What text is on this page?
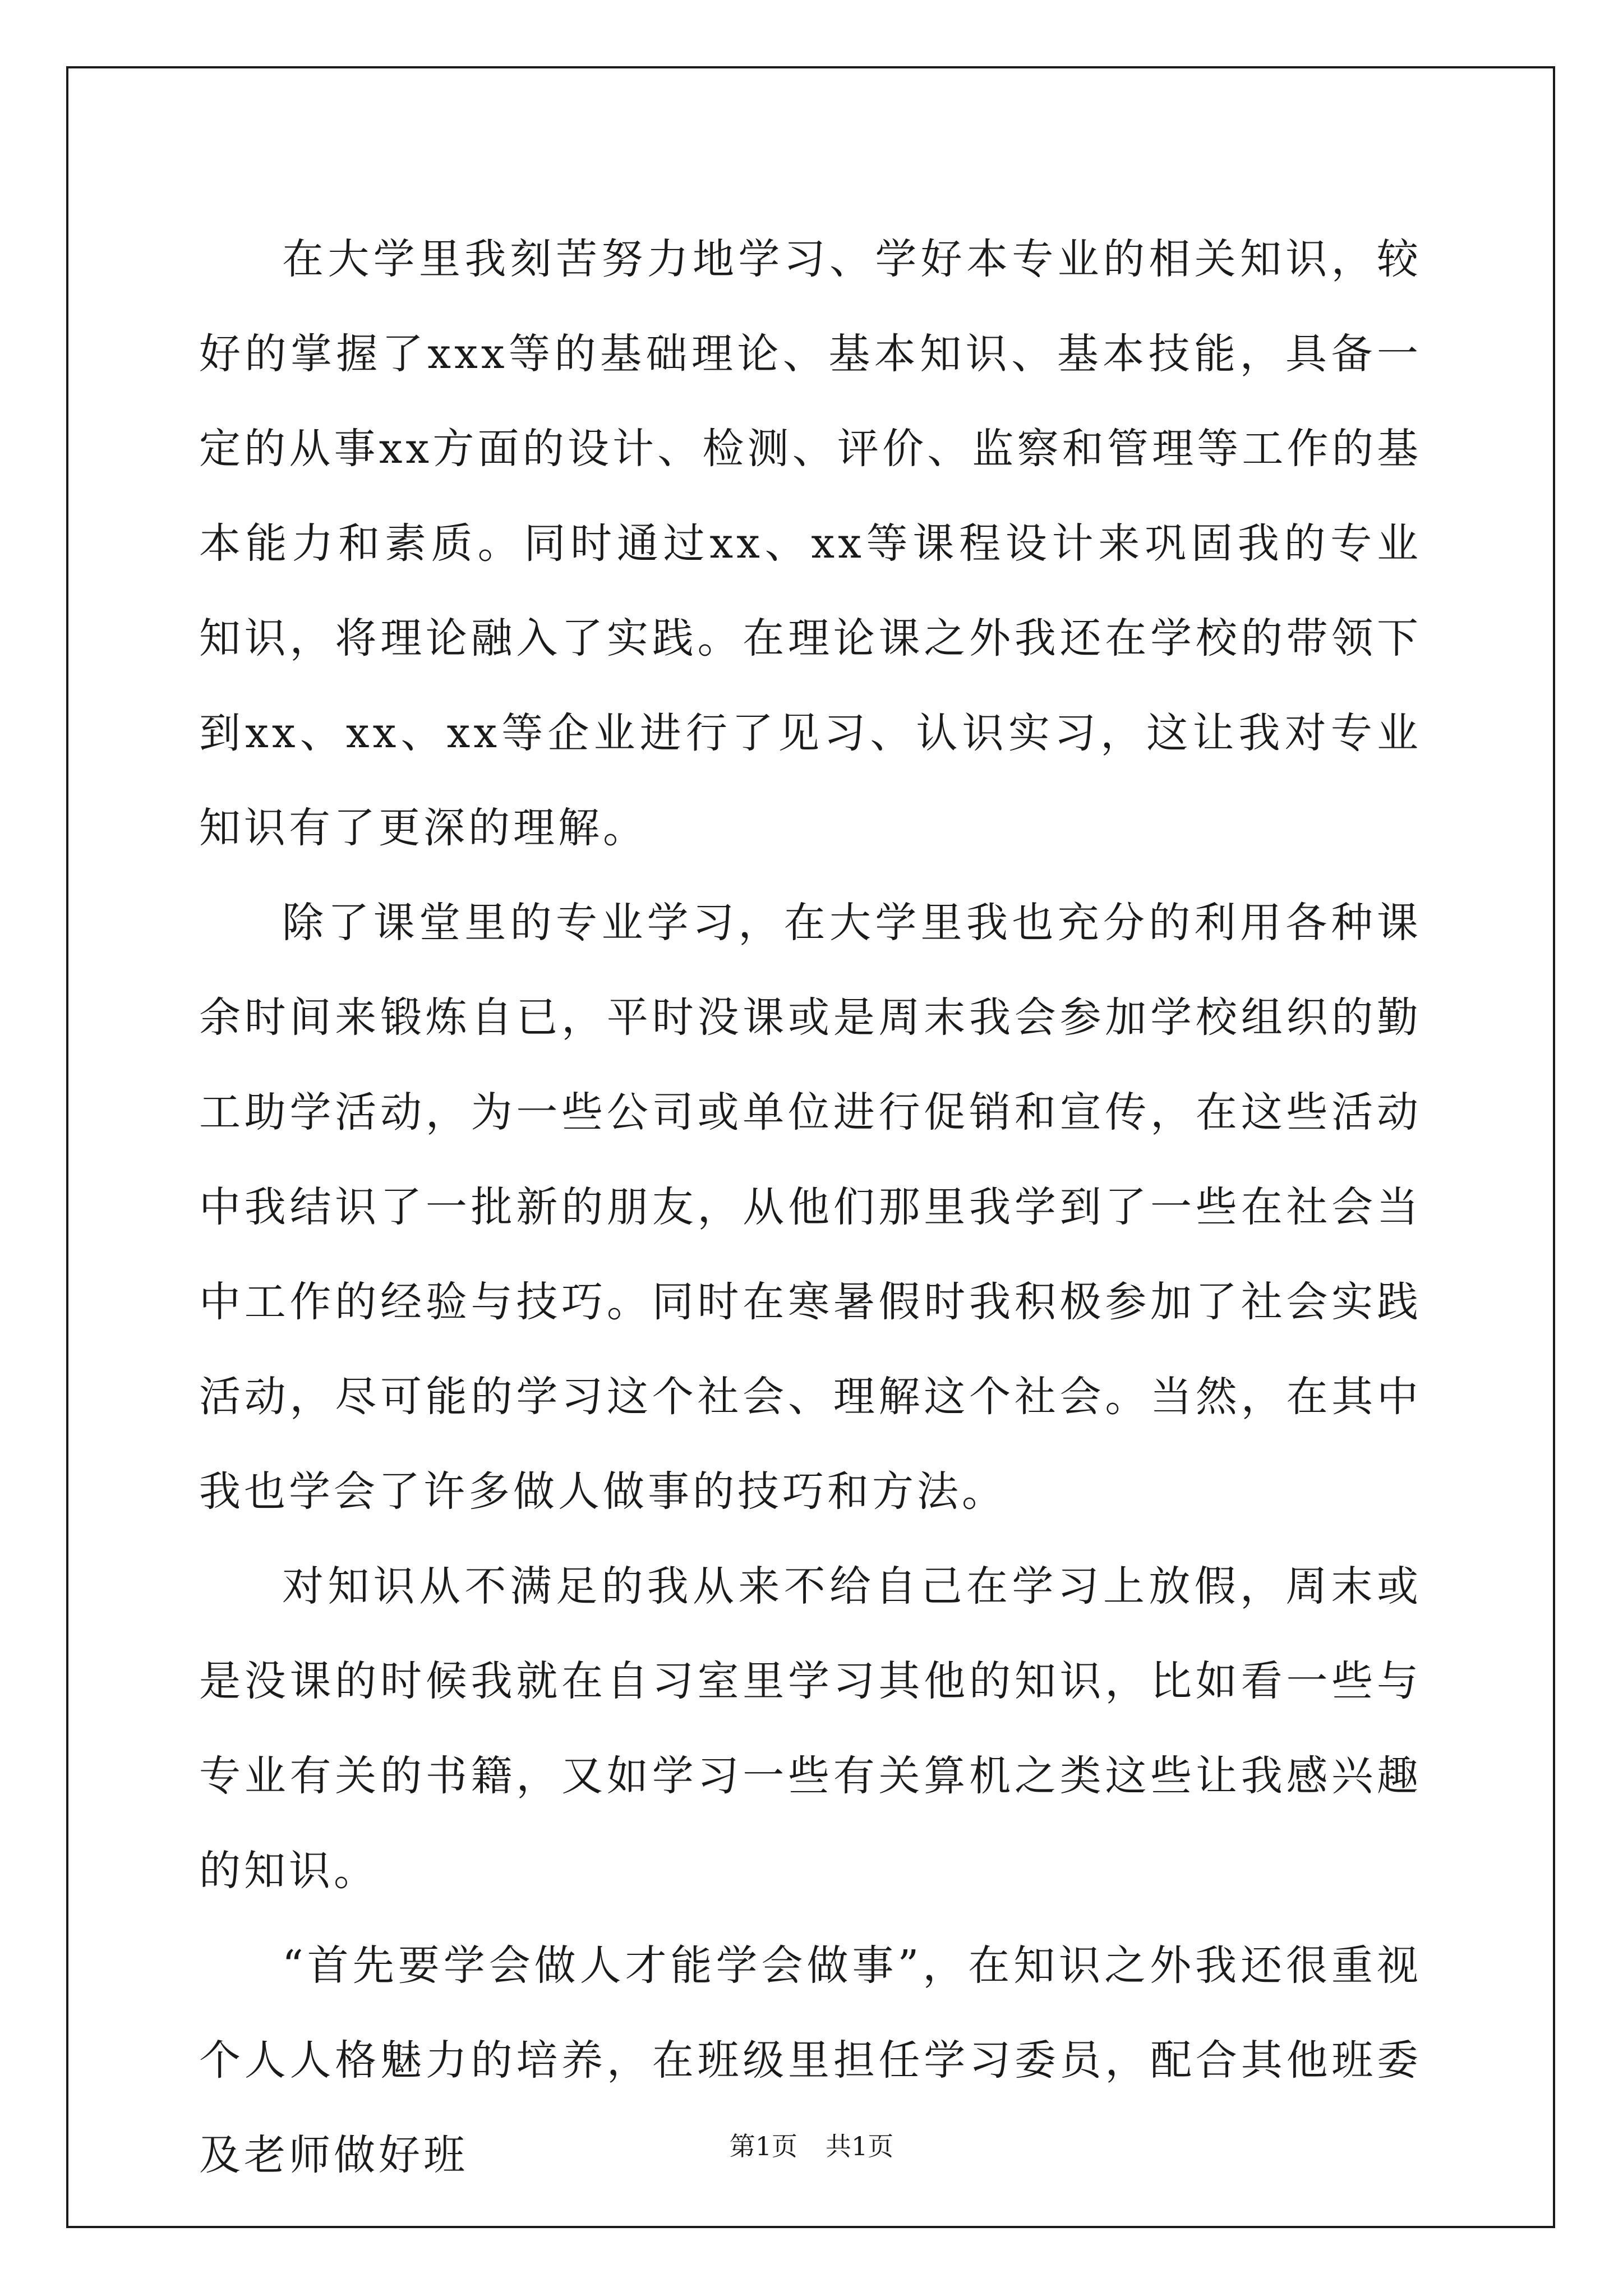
在大学里我刻苦努力地学习、学好本专业的相关知识，较好的掌握了xxx等的基础理论、基本知识、基本技能，具备一定的从事xx方面的设计、检测、评价、监察和管理等工作的基本能力和素质。同时通过xx、xx等课程设计来巩固我的专业知识，将理论融入了实践。在理论课之外我还在学校的带领下到xx、xx、xx等企业进行了见习、认识实习，这让我对专业知识有了更深的理解。

除了课堂里的专业学习，在大学里我也充分的利用各种课余时间来锻炼自已，平时没课或是周末我会参加学校组织的勤工助学活动，为一些公司或单位进行促销和宣传，在这些活动中我结识了一批新的朋友，从他们那里我学到了一些在社会当中工作的经验与技巧。同时在寒暑假时我积极参加了社会实践活动，尽可能的学习这个社会、理解这个社会。当然，在其中我也学会了许多做人做事的技巧和方法。

对知识从不满足的我从来不给自己在学习上放假，周末或是没课的时候我就在自习室里学习其他的知识，比如看一些与专业有关的书籍，又如学习一些有关算机之类这些让我感兴趣的知识。

“首先要学会做人才能学会做事”，在知识之外我还很重视个人人格魅力的培养，在班级里担任学习委员，配合其他班委及老师做好班	第1页 共1页
